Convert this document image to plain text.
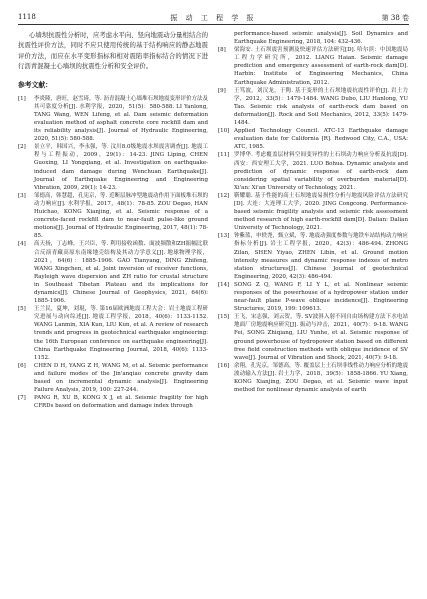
1118	振 动 工 程 学 报	第 38 卷

心墙坝抗震性分析时，应考虑水平向、竖向地震动分量相结合的抗震性评价方法，同时不应只使用传统的基于结构响应的静态地震评价方法，而应在水平变形指标和相对震陷率指标结合的情况下进行沥青混凝土心墙坝的抗震性分析和安全评价。

参考文献：
[1] 李炎隆，唐旺，赵雪琦，等. 沥青混凝土心墙堆石坝地震变形评价方法及其可靠度分析[J]. 水利学报，2020，51(5)：580-588. LI Yanlong, TANG Wang, WEN Lifeng, et al. Dam seismic deformation evaluation method of asphalt concrete core rockfill dam and its reliability analysis[J]. Journal of Hydraulic Engineering, 2020, 51(5): 580-588.
[2] 景立平，韩国兴，李永强，等. 汶川8.0级地震水坝震害调查[J]. 地震工程与工程振动，2009，29(1)：14-23. JING Liping, CHEN Guoxing, LI Yongqiang, et al. Investigation on earthquake-induced dam damage during Wenchuan Earthquake[J]. Journal of Earthquake Engineering and Engineering Vibration, 2009, 29(1): 14-23.
[3] 邹德高，韩慧超，孔宪京，等. 近断层脉冲型地震动作用下面板堆石坝的动力响应[J]. 水利学报，2017，48(1)：78-85. ZOU Degao, HAN Huichao, KONG Xianjing, et al. Seismic response of a concrete-faced rockfill dam to near-fault pulse-like ground motions[J]. Journal of Hydraulic Engineering, 2017, 48(1): 78-85.
[4] 高天扬，丁志峰，王兴臣，等. 利用接收函数、面波频散和ZH振幅比联合反演青藏高原东南缘地壳结构及其动力学意义[J]. 地球物理学报，2021，64(6)：1885-1906. GAO Tianyang, DING Zhifeng, WANG Xingchen, et al. Joint inversion of receiver functions, Rayleigh wave dispersion and ZH ratio for crustal structure in Southeast Tibetan Plateau and its implications for dynamics[J]. Chinese Journal of Geophysics, 2021, 64(6): 1885-1906.
[5] 王兰民，夏坤，刘琨，等. 第16届欧洲地震工程大会：岩土地震工程研究进展与动向综述[J]. 地震工程学报，2018，40(6)：1133-1152. WANG Lanmin, XIA Kun, LIU Kun, et al. A review of research trends and progress in geotechnical earthquake engineering: the 16th European conference on earthquake engineering[J]. China Earthquake Engineering Journal, 2018, 40(6): 1133-1152.
[6] CHEN D H, YANG Z H, WANG M, et al. Seismic performance and failure modes of the Jin'anqiao concrete gravity dam based on incremental dynamic analysis[J]. Engineering Failure Analysis, 2019, 100: 227-244.
[7] PANG R, XU B, KONG X J, et al. Seismic fragility for high CFRDs based on deformation and damage index through
performance-based seismic analysis[J]. Soil Dynamics and Earthquake Engineering, 2018, 104: 432-436.
[8] 梁海安. 土石坝震害预测及快速评估方法研究[D]. 哈尔滨：中国地震局工程力学研究所，2012. LIANG Haian. Seismic damage prediction and emergency assessment of earth-rock dam[D]. Harbin: Institute of Engineering Mechanics, China Earthquake Administration, 2012.
[9] 王笃波，刘汉龙，于陶. 基于变形的土石坝地震抗震性评价[J]. 岩土力学，2012，33(5)：1479-1484. WANG Dubo, LIU Hanlong, YU Tao. Seismic risk analysis of earth-rock dam based on deformation[J]. Rock and Soil Mechanics, 2012, 33(5): 1479-1484.
[10] Applied Technology Council. ATC-13 Earthquake damage evaluation date for California [R]. Redwood City, C.A., USA: ATC, 1985.
[11] 罗博华. 考虑覆盖层材料空间变异性的土石坝动力响应分析及抗震[D]. 西安：西安理工大学，2021. LUO Bohua. Dynamic analysis and prediction of dynamic response of earth-rock dam considering spatial variability of overburden material[D]. Xi'an: Xi'an University of Technology, 2021.
[12] 靳耀聪. 基于性能的高土石坝地震易损性分析与地震风险评估方法研究[D]. 大连：大连理工大学，2020. JING Congcong. Performance-based seismic fragility analysis and seismic risk assessment method research of high earth-rockfill dam[D]. Dalian: Dalian University of Technology, 2021.
[13] 钟紫蓝，申轶尧，甄立斌，等. 地震动强度参数与地铁车站结构动力响应指标分析[J]. 岩土工程学报，2020，42(3)：486-494. ZHONG Zilan, SHEN Yiyao, ZHEN Libin, et al. Ground motion intensity measures and dynamic response indexes of metro station structures[J]. Chinese Journal of geotechnical Engineering, 2020, 42(3): 486-494.
[14] SONG Z Q, WANG F, LI Y L, et al. Nonlinear seismic responses of the powerhouse of a hydropower station under near-fault plane P-wave oblique incidence[J]. Engineering Structures, 2019, 199: 109613.
[15] 王飞，宋志强，刘云贺，等. SV波斜入射不同自由场构建方法下水电站地面厂房地震响应研究[J]. 振动与冲击，2021，40(7)：9-18. WANG Fei, SONG Zhiqiang, LIU Yunhe, et al. Seismic response of ground powerhouse of hydropower station based on different free field construction methods with oblique incidence of SV wave[J]. Journal of Vibration and Shock, 2021, 40(7): 9-18.
[16] 余翔，孔宪京，邹德高，等. 覆盖层上土石坝非线性动力响应分析的地震波动输入方法[J]. 岩土力学，2018，39(5)：1858-1866. YU Xiang, KONG Xianjing, ZOU Degao, et al. Seismic wave input method for nonlinear dynamic analysis of earth
